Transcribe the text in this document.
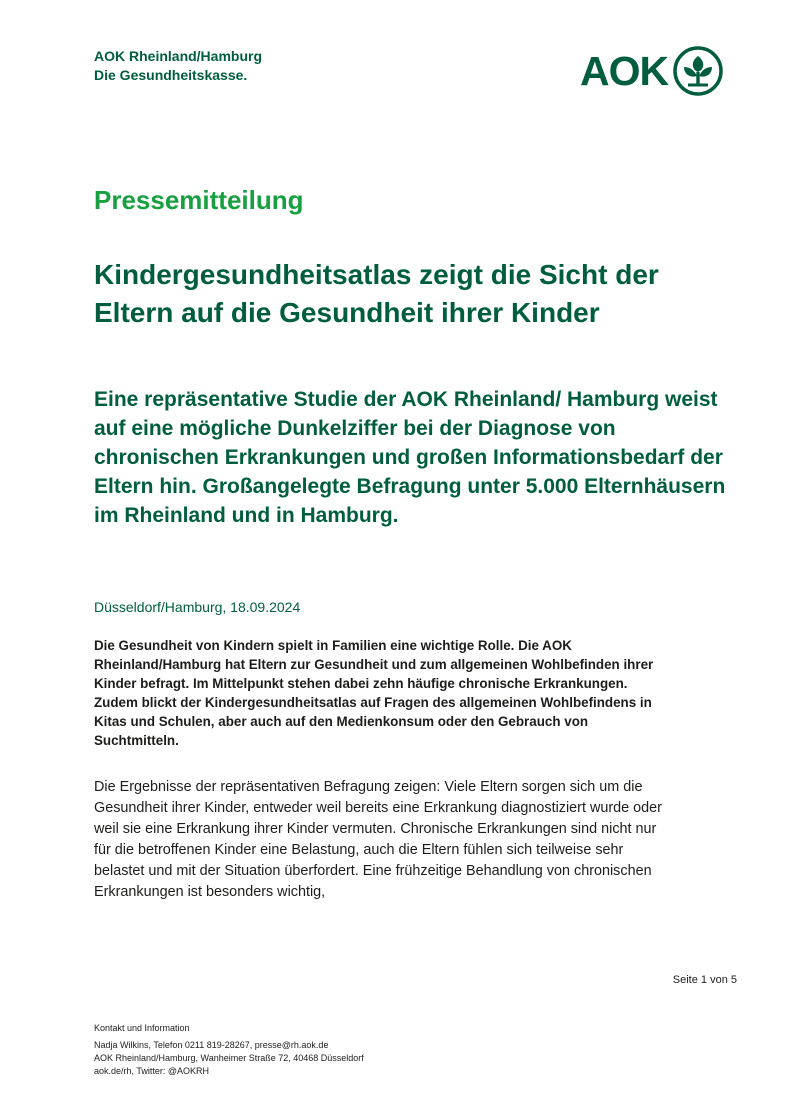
AOK Rheinland/Hamburg
Die Gesundheitskasse.	AOK
Pressemitteilung
Kindergesundheitsatlas zeigt die Sicht der Eltern auf die Gesundheit ihrer Kinder
Eine repräsentative Studie der AOK Rheinland/ Hamburg weist auf eine mögliche Dunkelziffer bei der Diagnose von chronischen Erkrankungen und großen Informationsbedarf der Eltern hin. Großangelegte Befragung unter 5.000 Elternhäusern im Rheinland und in Hamburg.
Düsseldorf/Hamburg, 18.09.2024

Die Gesundheit von Kindern spielt in Familien eine wichtige Rolle. Die AOK Rheinland/Hamburg hat Eltern zur Gesundheit und zum allgemeinen Wohlbefinden ihrer Kinder befragt. Im Mittelpunkt stehen dabei zehn häufige chronische Erkrankungen. Zudem blickt der Kindergesundheitsatlas auf Fragen des allgemeinen Wohlbefindens in Kitas und Schulen, aber auch auf den Medienkonsum oder den Gebrauch von Suchtmitteln.

Die Ergebnisse der repräsentativen Befragung zeigen: Viele Eltern sorgen sich um die Gesundheit ihrer Kinder, entweder weil bereits eine Erkrankung diagnostiziert wurde oder weil sie eine Erkrankung ihrer Kinder vermuten. Chronische Erkrankungen sind nicht nur für die betroffenen Kinder eine Belastung, auch die Eltern fühlen sich teilweise sehr belastet und mit der Situation überfordert. Eine frühzeitige Behandlung von chronischen Erkrankungen ist besonders wichtig,

Seite 1 von 5
Kontakt und Information
Nadja Wilkins, Telefon 0211 819-28267, presse@rh.aok.de
AOK Rheinland/Hamburg, Wanheimer Straße 72, 40468 Düsseldorf
aok.de/rh, Twitter: @AOKRH
